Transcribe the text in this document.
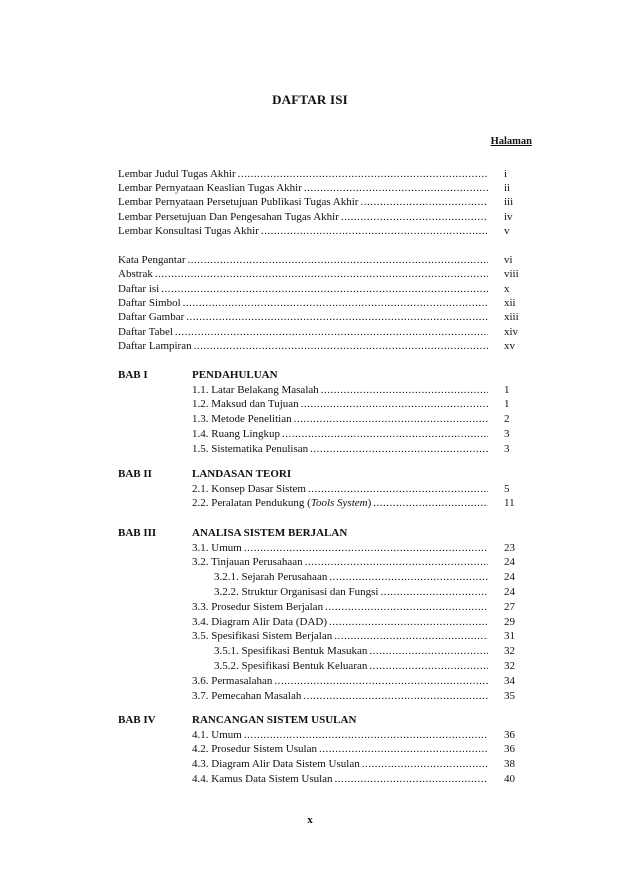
DAFTAR ISI
Halaman
Lembar Judul Tugas Akhir .....	i
Lembar Pernyataan Keaslian Tugas Akhir .....	ii
Lembar Pernyataan Persetujuan Publikasi Tugas Akhir .....	iii
Lembar Persetujuan Dan Pengesahan Tugas Akhir .....	iv
Lembar Konsultasi Tugas Akhir .....	v
Kata Pengantar .....	vi
Abstrak .....	viii
Daftar isi .....	x
Daftar Simbol .....	xii
Daftar Gambar .....	xiii
Daftar Tabel .....	xiv
Daftar Lampiran .....	xv
BAB I	PENDAHULUAN
1.1. Latar Belakang Masalah .....	1
1.2. Maksud dan Tujuan .....	1
1.3. Metode Penelitian .....	2
1.4. Ruang Lingkup .....	3
1.5. Sistematika Penulisan .....	3
BAB II	LANDASAN TEORI
2.1. Konsep Dasar Sistem .....	5
2.2. Peralatan Pendukung (Tools System) .....	11
BAB III	ANALISA SISTEM BERJALAN
3.1. Umum .....	23
3.2. Tinjauan Perusahaan .....	24
3.2.1. Sejarah Perusahaan .....	24
3.2.2. Struktur Organisasi dan Fungsi .....	24
3.3. Prosedur Sistem Berjalan .....	27
3.4. Diagram Alir Data (DAD) .....	29
3.5. Spesifikasi Sistem Berjalan .....	31
3.5.1. Spesifikasi Bentuk Masukan .....	32
3.5.2. Spesifikasi Bentuk Keluaran .....	32
3.6. Permasalahan .....	34
3.7. Pemecahan Masalah .....	35
BAB IV	RANCANGAN SISTEM USULAN
4.1. Umum .....	36
4.2. Prosedur Sistem Usulan .....	36
4.3. Diagram Alir Data Sistem Usulan .....	38
4.4. Kamus Data Sistem Usulan .....	40
x
